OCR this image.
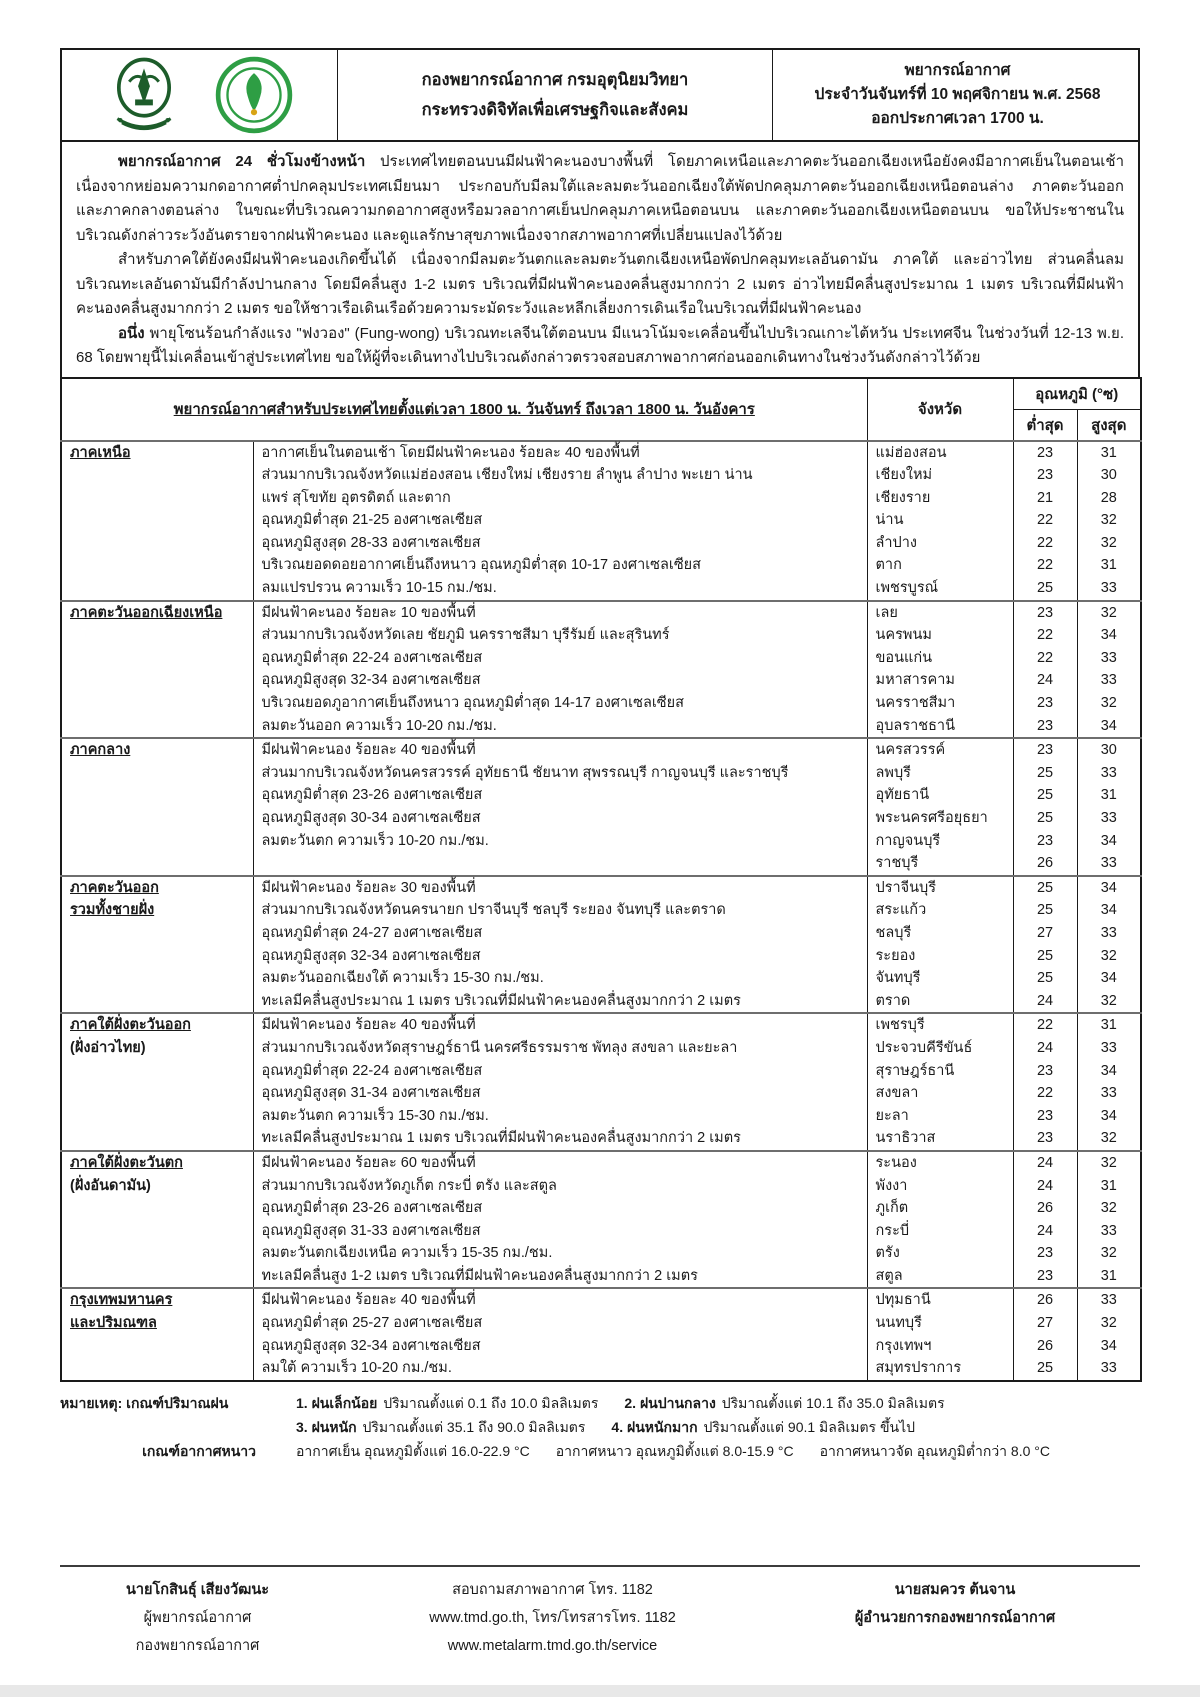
กองพยากรณ์อากาศ กรมอุตุนิยมวิทยา
กระทรวงดิจิทัลเพื่อเศรษฐกิจและสังคม
พยากรณ์อากาศ
ประจำวันจันทร์ที่ 10 พฤศจิกายน พ.ศ. 2568
ออกประกาศเวลา 1700 น.

พยากรณ์อากาศ 24 ชั่วโมงข้างหน้า ประเทศไทยตอนบนมีฝนฟ้าคะนองบางพื้นที่ โดยภาคเหนือและภาคตะวันออกเฉียงเหนือยังคงมีอากาศเย็นในตอนเช้า เนื่องจากหย่อมความกดอากาศต่ำปกคลุมประเทศเมียนมา ประกอบกับมีลมใต้และลมตะวันออกเฉียงใต้พัดปกคลุมภาคตะวันออกเฉียงเหนือตอนล่าง ภาคตะวันออก และภาคกลางตอนล่าง ในขณะที่บริเวณความกดอากาศสูงหรือมวลอากาศเย็นปกคลุมภาคเหนือตอนบน และภาคตะวันออกเฉียงเหนือตอนบน ขอให้ประชาชนในบริเวณดังกล่าวระวังอันตรายจากฝนฟ้าคะนอง และดูแลรักษาสุขภาพเนื่องจากสภาพอากาศที่เปลี่ยนแปลงไว้ด้วย

สำหรับภาคใต้ยังคงมีฝนฟ้าคะนองเกิดขึ้นได้ เนื่องจากมีลมตะวันตกและลมตะวันตกเฉียงเหนือพัดปกคลุมทะเลอันดามัน ภาคใต้ และอ่าวไทย ส่วนคลื่นลมบริเวณทะเลอันดามันมีกำลังปานกลาง โดยมีคลื่นสูง 1-2 เมตร บริเวณที่มีฝนฟ้าคะนองคลื่นสูงมากกว่า 2 เมตร อ่าวไทยมีคลื่นสูงประมาณ 1 เมตร บริเวณที่มีฝนฟ้าคะนองคลื่นสูงมากกว่า 2 เมตร ขอให้ชาวเรือเดินเรือด้วยความระมัดระวังและหลีกเลี่ยงการเดินเรือในบริเวณที่มีฝนฟ้าคะนอง

อนึ่ง พายุโซนร้อนกำลังแรง "ฟงวอง" (Fung-wong) บริเวณทะเลจีนใต้ตอนบน มีแนวโน้มจะเคลื่อนขึ้นไปบริเวณเกาะไต้หวัน ประเทศจีน ในช่วงวันที่ 12-13 พ.ย. 68 โดยพายุนี้ไม่เคลื่อนเข้าสู่ประเทศไทย ขอให้ผู้ที่จะเดินทางไปบริเวณดังกล่าวตรวจสอบสภาพอากาศก่อนออกเดินทางในช่วงวันดังกล่าวไว้ด้วย

พยากรณ์อากาศสำหรับประเทศไทยตั้งแต่เวลา 1800 น. วันจันทร์ ถึงเวลา 1800 น. วันอังคาร		จังหวัด	อุณหภูมิ (°ซ)	
			ต่ำสุด	สูงสุด

ภาคเหนือ	อากาศเย็นในตอนเช้า โดยมีฝนฟ้าคะนอง ร้อยละ 40 ของพื้นที่	แม่ฮ่องสอน	23	31
	ส่วนมากบริเวณจังหวัดแม่ฮ่องสอน เชียงใหม่ เชียงราย ลำพูน ลำปาง พะเยา น่าน	เชียงใหม่	23	30
	แพร่ สุโขทัย อุตรดิตถ์ และตาก	เชียงราย	21	28
	อุณหภูมิต่ำสุด 21-25 องศาเซลเซียส	น่าน	22	32
	อุณหภูมิสูงสุด 28-33 องศาเซลเซียส	ลำปาง	22	32
	บริเวณยอดดอยอากาศเย็นถึงหนาว อุณหภูมิต่ำสุด 10-17 องศาเซลเซียส	ตาก	22	31
	ลมแปรปรวน ความเร็ว 10-15 กม./ชม.	เพชรบูรณ์	25	33

ภาคตะวันออกเฉียงเหนือ	มีฝนฟ้าคะนอง ร้อยละ 10 ของพื้นที่	เลย	23	32
	ส่วนมากบริเวณจังหวัดเลย ชัยภูมิ นครราชสีมา บุรีรัมย์ และสุรินทร์	นครพนม	22	34
	อุณหภูมิต่ำสุด 22-24 องศาเซลเซียส	ขอนแก่น	22	33
	อุณหภูมิสูงสุด 32-34 องศาเซลเซียส	มหาสารคาม	24	33
	บริเวณยอดภูอากาศเย็นถึงหนาว อุณหภูมิต่ำสุด 14-17 องศาเซลเซียส	นครราชสีมา	23	32
	ลมตะวันออก ความเร็ว 10-20 กม./ชม.	อุบลราชธานี	23	34

ภาคกลาง	มีฝนฟ้าคะนอง ร้อยละ 40 ของพื้นที่	นครสวรรค์	23	30
	ส่วนมากบริเวณจังหวัดนครสวรรค์ อุทัยธานี ชัยนาท สุพรรณบุรี กาญจนบุรี และราชบุรี	ลพบุรี	25	33
	อุณหภูมิต่ำสุด 23-26 องศาเซลเซียส	อุทัยธานี	25	31
	อุณหภูมิสูงสุด 30-34 องศาเซลเซียส	พระนครศรีอยุธยา	25	33
	ลมตะวันตก ความเร็ว 10-20 กม./ชม.	กาญจนบุรี	23	34
		ราชบุรี	26	33

ภาคตะวันออก
รวมทั้งชายฝั่ง	มีฝนฟ้าคะนอง ร้อยละ 30 ของพื้นที่	ปราจีนบุรี	25	34
	ส่วนมากบริเวณจังหวัดนครนายก ปราจีนบุรี ชลบุรี ระยอง จันทบุรี และตราด	สระแก้ว	25	34
	อุณหภูมิต่ำสุด 24-27 องศาเซลเซียส	ชลบุรี	27	33
	อุณหภูมิสูงสุด 32-34 องศาเซลเซียส	ระยอง	25	32
	ลมตะวันออกเฉียงใต้ ความเร็ว 15-30 กม./ชม.	จันทบุรี	25	34
	ทะเลมีคลื่นสูงประมาณ 1 เมตร บริเวณที่มีฝนฟ้าคะนองคลื่นสูงมากกว่า 2 เมตร	ตราด	24	32

ภาคใต้ฝั่งตะวันออก
(ฝั่งอ่าวไทย)	มีฝนฟ้าคะนอง ร้อยละ 40 ของพื้นที่	เพชรบุรี	22	31
	ส่วนมากบริเวณจังหวัดสุราษฎร์ธานี นครศรีธรรมราช พัทลุง สงขลา และยะลา	ประจวบคีรีขันธ์	24	33
	อุณหภูมิต่ำสุด 22-24 องศาเซลเซียส	สุราษฎร์ธานี	23	34
	อุณหภูมิสูงสุด 31-34 องศาเซลเซียส	สงขลา	22	33
	ลมตะวันตก ความเร็ว 15-30 กม./ชม.	ยะลา	23	34
	ทะเลมีคลื่นสูงประมาณ 1 เมตร บริเวณที่มีฝนฟ้าคะนองคลื่นสูงมากกว่า 2 เมตร	นราธิวาส	23	32

ภาคใต้ฝั่งตะวันตก
(ฝั่งอันดามัน)	มีฝนฟ้าคะนอง ร้อยละ 60 ของพื้นที่	ระนอง	24	32
	ส่วนมากบริเวณจังหวัดภูเก็ต กระบี่ ตรัง และสตูล	พังงา	24	31
	อุณหภูมิต่ำสุด 23-26 องศาเซลเซียส	ภูเก็ต	26	32
	อุณหภูมิสูงสุด 31-33 องศาเซลเซียส	กระบี่	24	33
	ลมตะวันตกเฉียงเหนือ ความเร็ว 15-35 กม./ชม.	ตรัง	23	32
	ทะเลมีคลื่นสูง 1-2 เมตร บริเวณที่มีฝนฟ้าคะนองคลื่นสูงมากกว่า 2 เมตร	สตูล	23	31

กรุงเทพมหานคร
และปริมณฑล	มีฝนฟ้าคะนอง ร้อยละ 40 ของพื้นที่	ปทุมธานี	26	33
	อุณหภูมิต่ำสุด 25-27 องศาเซลเซียส	นนทบุรี	27	32
	อุณหภูมิสูงสุด 32-34 องศาเซลเซียส	กรุงเทพฯ	26	34
	ลมใต้ ความเร็ว 10-20 กม./ชม.	สมุทรปราการ	25	33
หมายเหตุ: เกณฑ์ปริมาณฝน	1. ฝนเล็กน้อย ปริมาณตั้งแต่ 0.1 ถึง 10.0 มิลลิเมตร 2. ฝนปานกลาง ปริมาณตั้งแต่ 10.1 ถึง 35.0 มิลลิเมตร
3. ฝนหนัก ปริมาณตั้งแต่ 35.1 ถึง 90.0 มิลลิเมตร 4. ฝนหนักมาก ปริมาณตั้งแต่ 90.1 มิลลิเมตร ขึ้นไป
เกณฑ์อากาศหนาว	อากาศเย็น อุณหภูมิตั้งแต่ 16.0-22.9 °C อากาศหนาว อุณหภูมิตั้งแต่ 8.0-15.9 °C อากาศหนาวจัด อุณหภูมิต่ำกว่า 8.0 °C
นายโกสินธุ์ เสียงวัฒนะ
ผู้พยากรณ์อากาศ
กองพยากรณ์อากาศ
สอบถามสภาพอากาศ โทร. 1182
www.tmd.go.th, โทร/โทรสารโทร. 1182
www.metalarm.tmd.go.th/service
นายสมควร ต้นจาน
ผู้อำนวยการกองพยากรณ์อากาศ
